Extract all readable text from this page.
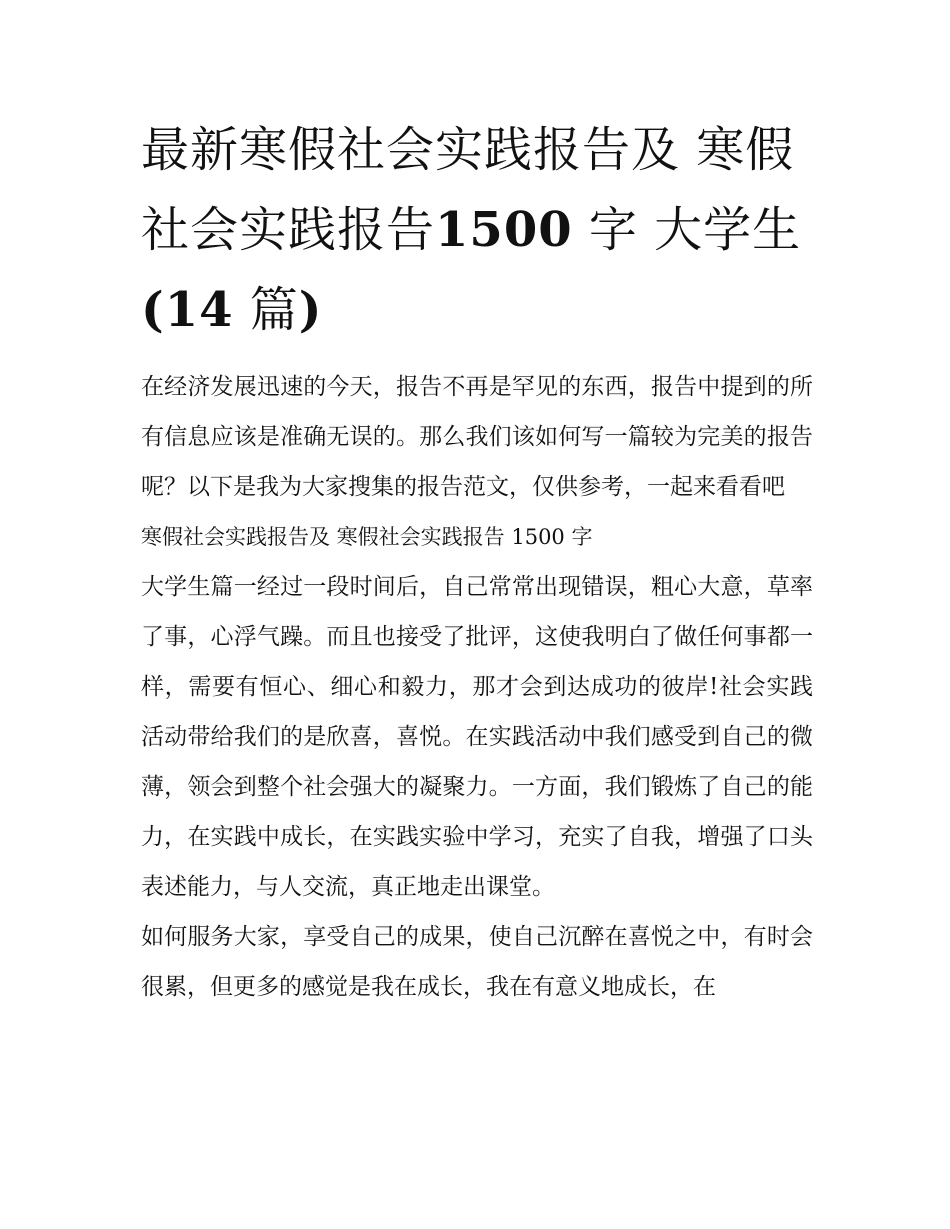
最新寒假社会实践报告及 寒假社会实践报告1500 字 大学生
(14 篇)

在经济发展迅速的今天，报告不再是罕见的东西，报告中提到的所有信息应该是准确无误的。那么我们该如何写一篇较为完美的报告呢？以下是我为大家搜集的报告范文，仅供参考，一起来看看吧

寒假社会实践报告及 寒假社会实践报告 1500 字

大学生篇一经过一段时间后，自己常常出现错误，粗心大意，草率了事，心浮气躁。而且也接受了批评，这使我明白了做任何事都一样，需要有恒心、细心和毅力，那才会到达成功的彼岸!社会实践活动带给我们的是欣喜，喜悦。在实践活动中我们感受到自己的微薄，领会到整个社会强大的凝聚力。一方面，我们锻炼了自己的能力，在实践中成长，在实践实验中学习，充实了自我，增强了口头表述能力，与人交流，真正地走出课堂。

如何服务大家，享受自己的成果，使自己沉醉在喜悦之中，有时会很累，但更多的感觉是我在成长，我在有意义地成长，在
